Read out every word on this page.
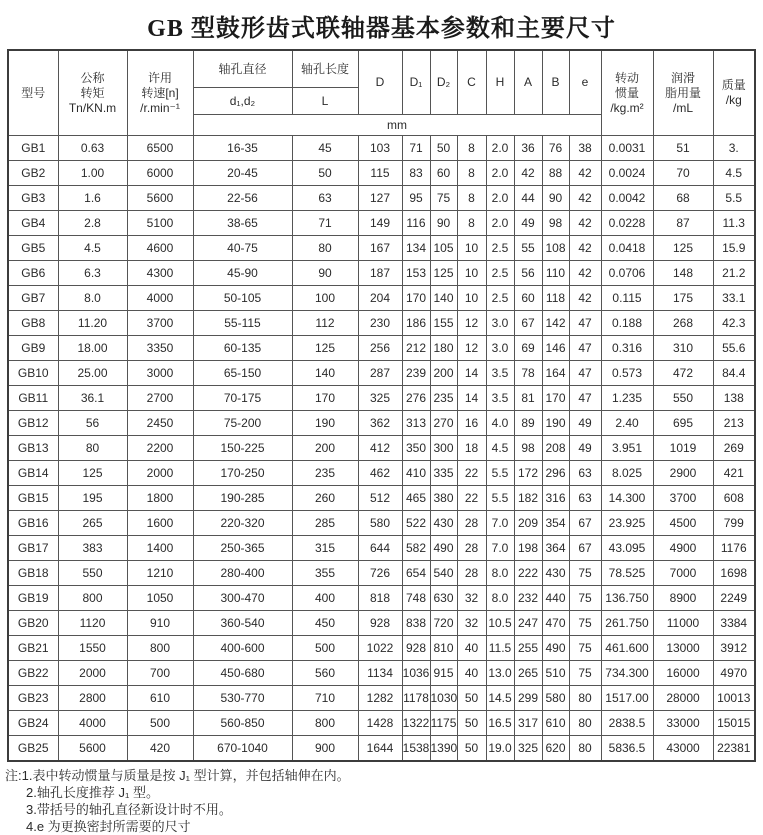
GB 型鼓形齿式联轴器基本参数和主要尺寸
型号	公称
转矩
Tn/KN.m	许用
转速[n]
/r.min⁻¹	轴孔直径	轴孔长度	D	D₁	D₂	C	H	A	B	e	转动
惯量
/kg.m²	润滑
脂用量
/mL	质量
/kg
			d₁,d₂	L											
			mm												
GB1	0.63	6500	16-35	45	103	71	50	8	2.0	36	76	38	0.0031	51	3.
GB2	1.00	6000	20-45	50	115	83	60	8	2.0	42	88	42	0.0024	70	4.5
GB3	1.6	5600	22-56	63	127	95	75	8	2.0	44	90	42	0.0042	68	5.5
GB4	2.8	5100	38-65	71	149	116	90	8	2.0	49	98	42	0.0228	87	11.3
GB5	4.5	4600	40-75	80	167	134	105	10	2.5	55	108	42	0.0418	125	15.9
GB6	6.3	4300	45-90	90	187	153	125	10	2.5	56	110	42	0.0706	148	21.2
GB7	8.0	4000	50-105	100	204	170	140	10	2.5	60	118	42	0.115	175	33.1
GB8	11.20	3700	55-115	112	230	186	155	12	3.0	67	142	47	0.188	268	42.3
GB9	18.00	3350	60-135	125	256	212	180	12	3.0	69	146	47	0.316	310	55.6
GB10	25.00	3000	65-150	140	287	239	200	14	3.5	78	164	47	0.573	472	84.4
GB11	36.1	2700	70-175	170	325	276	235	14	3.5	81	170	47	1.235	550	138
GB12	56	2450	75-200	190	362	313	270	16	4.0	89	190	49	2.40	695	213
GB13	80	2200	150-225	200	412	350	300	18	4.5	98	208	49	3.951	1019	269
GB14	125	2000	170-250	235	462	410	335	22	5.5	172	296	63	8.025	2900	421
GB15	195	1800	190-285	260	512	465	380	22	5.5	182	316	63	14.300	3700	608
GB16	265	1600	220-320	285	580	522	430	28	7.0	209	354	67	23.925	4500	799
GB17	383	1400	250-365	315	644	582	490	28	7.0	198	364	67	43.095	4900	1176
GB18	550	1210	280-400	355	726	654	540	28	8.0	222	430	75	78.525	7000	1698
GB19	800	1050	300-470	400	818	748	630	32	8.0	232	440	75	136.750	8900	2249
GB20	1120	910	360-540	450	928	838	720	32	10.5	247	470	75	261.750	11000	3384
GB21	1550	800	400-600	500	1022	928	810	40	11.5	255	490	75	461.600	13000	3912
GB22	2000	700	450-680	560	1134	1036	915	40	13.0	265	510	75	734.300	16000	4970
GB23	2800	610	530-770	710	1282	1178	1030	50	14.5	299	580	80	1517.00	28000	10013
GB24	4000	500	560-850	800	1428	1322	1175	50	16.5	317	610	80	2838.5	33000	15015
GB25	5600	420	670-1040	900	1644	1538	1390	50	19.0	325	620	80	5836.5	43000	22381
注:1.表中转动惯量与质量是按 J₁ 型计算，并包括轴伸在内。
2.轴孔长度推荐 J₁ 型。
3.带括号的轴孔直径新设计时不用。
4.e 为更换密封所需要的尺寸
